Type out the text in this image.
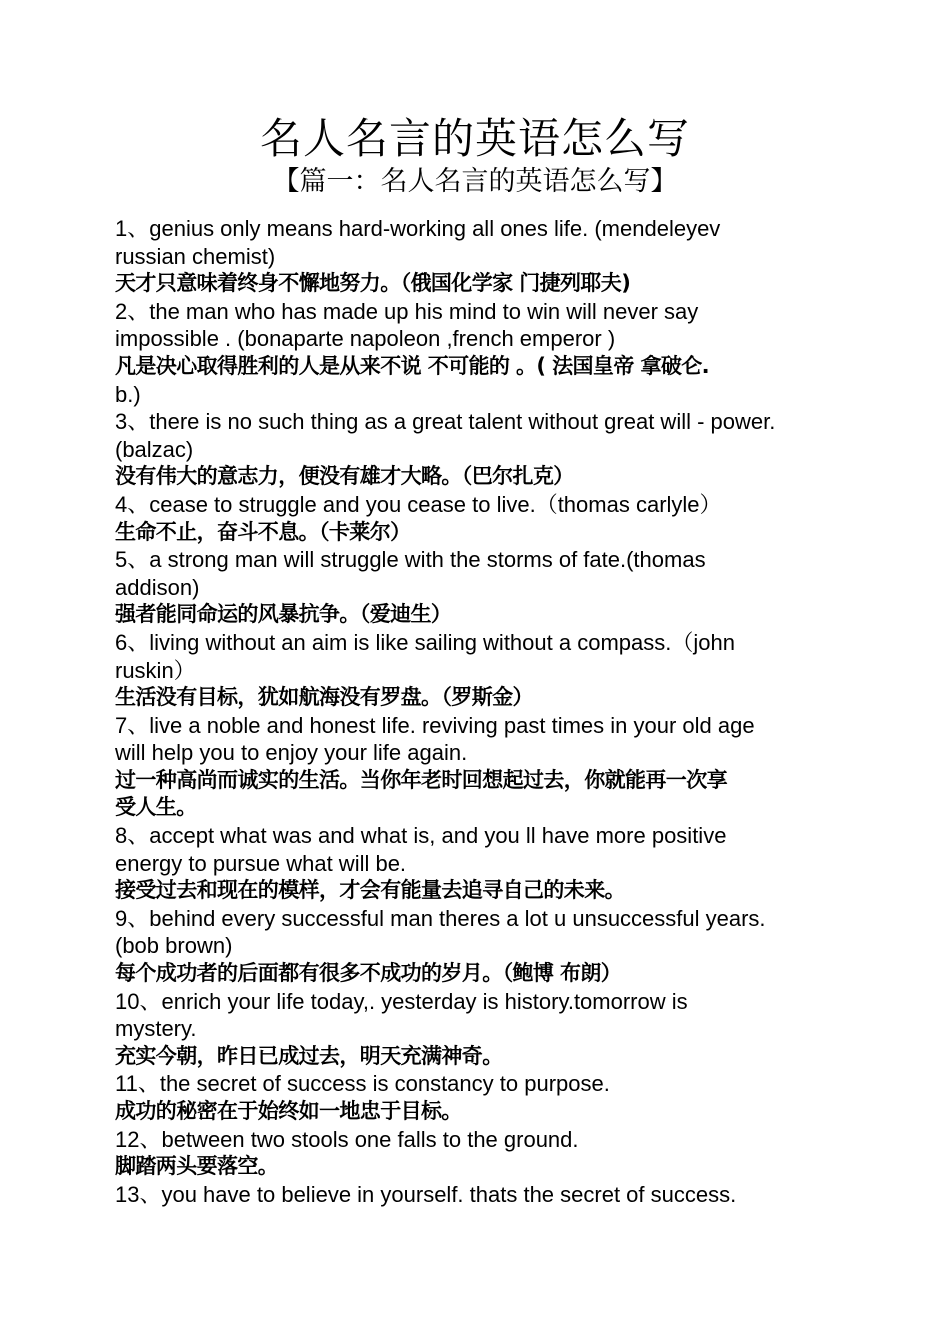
名人名言的英语怎么写
【篇一：名人名言的英语怎么写】

1、genius only means hard-working all ones life. (mendeleyev

russian chemist)

天才只意味着终身不懈地努力。（俄国化学家 门捷列耶夫)

2、the man who has made up his mind to win will never say

impossible . (bonaparte napoleon ,french emperor )

凡是决心取得胜利的人是从来不说 不可能的 。( 法国皇帝 拿破仑.

b.)

3、there is no such thing as a great talent without great will - power.

(balzac)

没有伟大的意志力，便没有雄才大略。（巴尔扎克）

4、cease to struggle and you cease to live.（thomas carlyle）

生命不止，奋斗不息。（卡莱尔）

5、a strong man will struggle with the storms of fate.(thomas

addison)

强者能同命运的风暴抗争。（爱迪生）

6、living without an aim is like sailing without a compass.（john

ruskin）

生活没有目标，犹如航海没有罗盘。（罗斯金）

7、live a noble and honest life. reviving past times in your old age

will help you to enjoy your life again.

过一种高尚而诚实的生活。当你年老时回想起过去，你就能再一次享

受人生。

8、accept what was and what is, and you ll have more positive

energy to pursue what will be.

接受过去和现在的模样，才会有能量去追寻自己的未来。

9、behind every successful man theres a lot u unsuccessful years.

(bob brown)

每个成功者的后面都有很多不成功的岁月。（鲍博 布朗）

10、enrich your life today,. yesterday is history.tomorrow is

mystery.

充实今朝，昨日已成过去，明天充满神奇。

11、the secret of success is constancy to purpose.

成功的秘密在于始终如一地忠于目标。

12、between two stools one falls to the ground.

脚踏两头要落空。

13、you have to believe in yourself. thats the secret of success.
